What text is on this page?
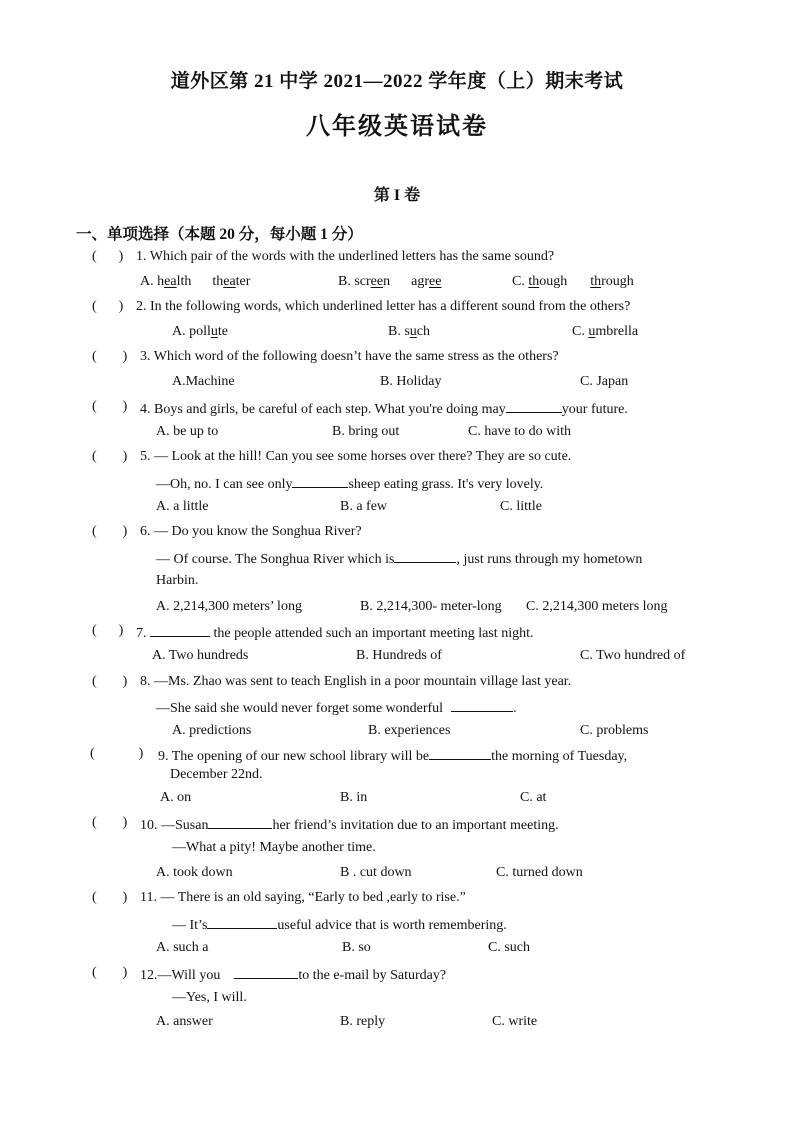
道外区第 21 中学 2021—2022 学年度（上）期末考试
八年级英语试卷
第 I 卷
一、单项选择（本题 20 分，每小题 1 分）
( ) 1. Which pair of the words with the underlined letters has the same sound?
A. health theater	B. screen agree	C. though through
( ) 2. In the following words, which underlined letter has a different sound from the others?
A. pollute	B. such	C. umbrella
( ) 3. Which word of the following doesn’t have the same stress as the others?
A.Machine	B. Holiday	C. Japan
( ) 4. Boys and girls, be careful of each step. What you're doing may	your future.
A. be up to	B. bring out	C. have to do with
( ) 5. — Look at the hill! Can you see some horses over there? They are so cute.
—Oh, no. I can see only	sheep eating grass. It's very lovely.
A. a little	B. a few	C. little
( ) 6. — Do you know the Songhua River?
— Of course. The Songhua River which is	, just runs through my hometown
Harbin.
A. 2,214,300 meters’ long	B. 2,214,300- meter-long C. 2,214,300 meters long
( ) 7.	the people attended such an important meeting last night.
A. Two hundreds	B. Hundreds of	C. Two hundred of
( ) 8. —Ms. Zhao was sent to teach English in a poor mountain village last year.
—She said she would never forget some wonderful	.
A. predictions	B. experiences	C. problems
(	) 9. The opening of our new school library will be	the morning of Tuesday,
December 22nd.
A. on	B. in	C. at
( ) 10. —Susan	her friend’s invitation due to an important meeting.
—What a pity! Maybe another time.
A. took down	B . cut down	C. turned down
( ) 11. — There is an old saying, “Early to bed ,early to rise.”
— It’s	useful advice that is worth remembering.
A. such a	B. so	C. such
( ) 12.—Will you	to the e-mail by Saturday?
—Yes, I will.
A. answer	B. reply	C. write
